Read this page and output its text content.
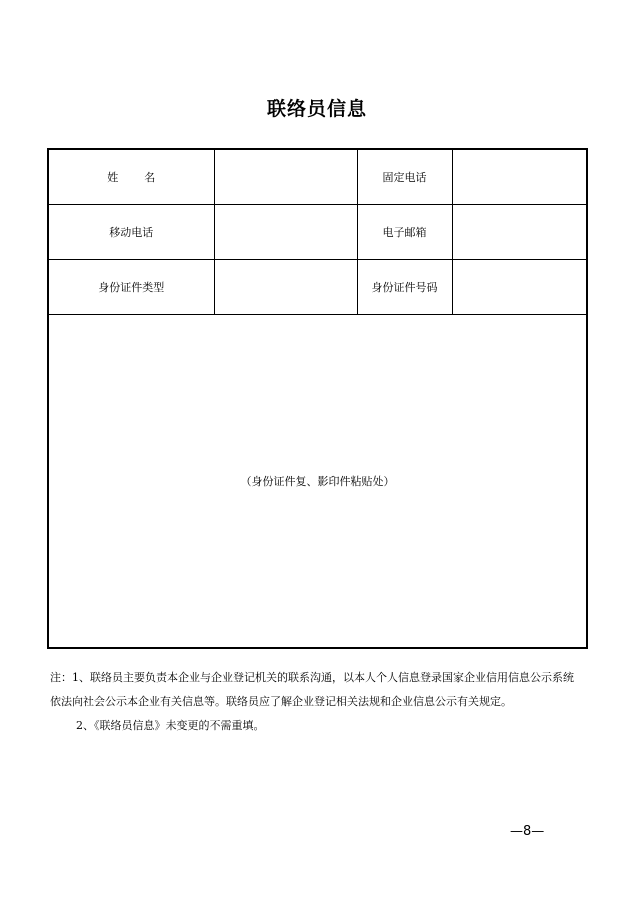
联络员信息
姓 名		固定电话	
移动电话		电子邮箱	
身份证件类型		身份证件号码	
（身份证件复、影印件粘贴处）			

注：1、联络员主要负责本企业与企业登记机关的联系沟通，以本人个人信息登录国家企业信用信息公示系统

依法向社会公示本企业有关信息等。联络员应了解企业登记相关法规和企业信息公示有关规定。

2、《联络员信息》未变更的不需重填。

—8—
